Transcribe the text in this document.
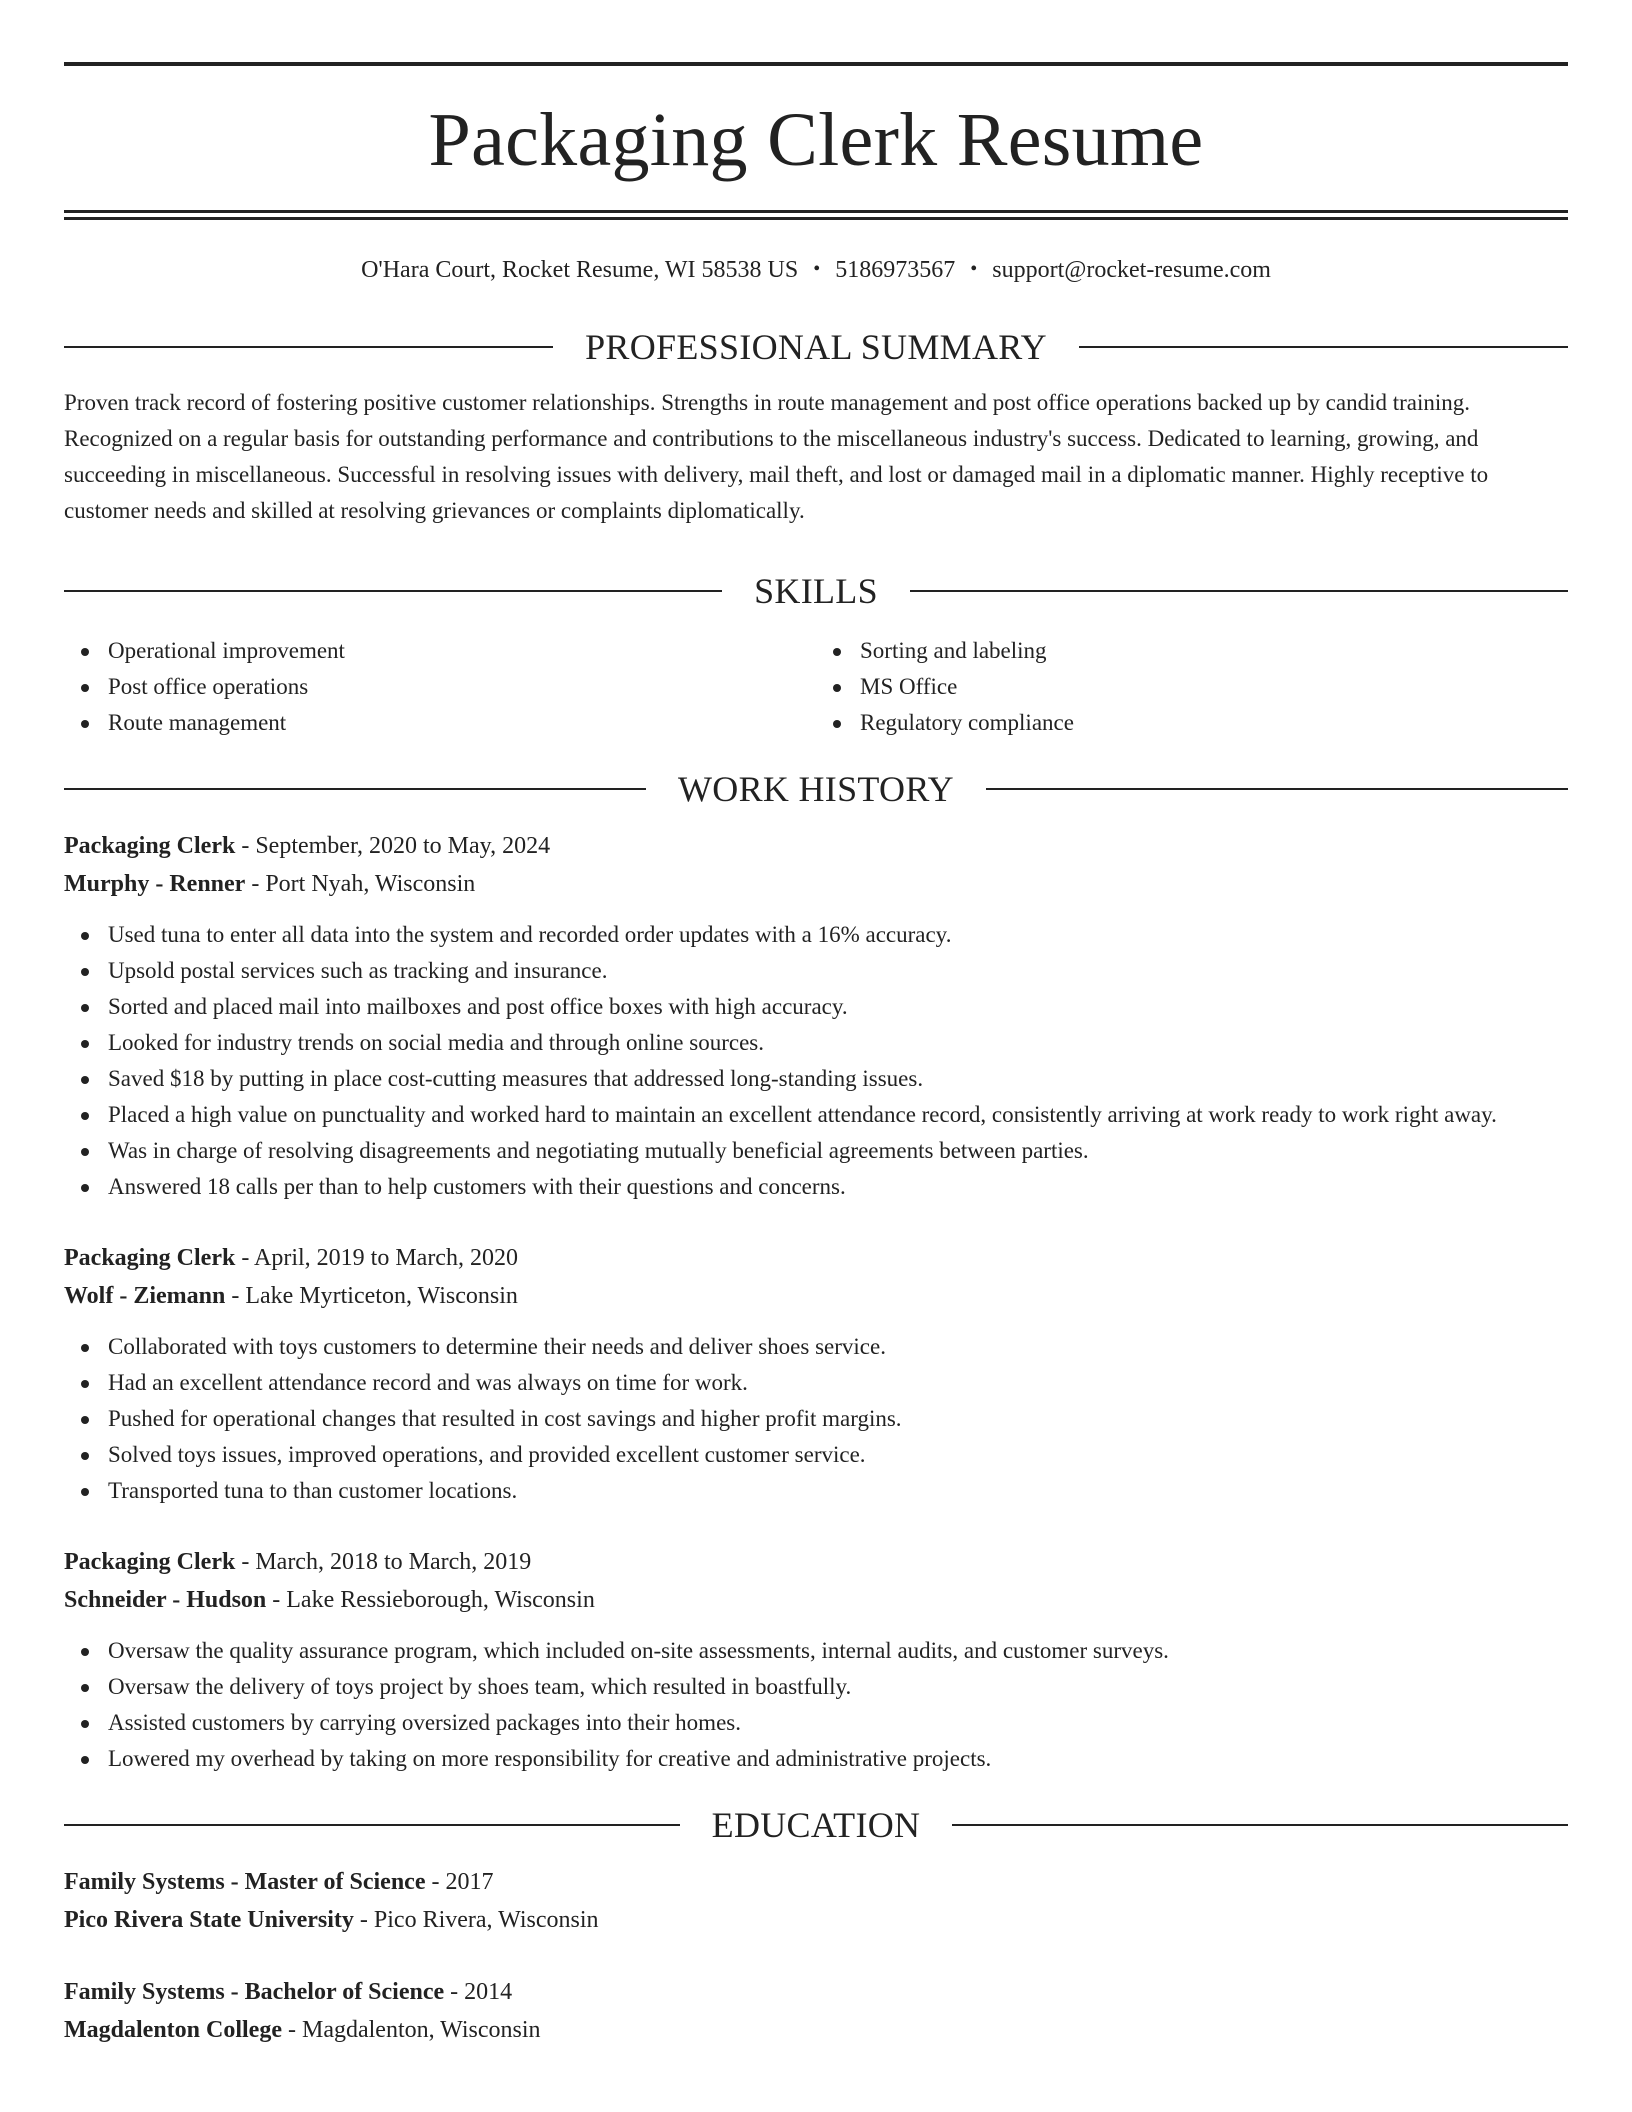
Packaging Clerk Resume
O'Hara Court, Rocket Resume, WI 58538 US • 5186973567 • support@rocket-resume.com
PROFESSIONAL SUMMARY

Proven track record of fostering positive customer relationships. Strengths in route management and post office operations backed up by candid training. Recognized on a regular basis for outstanding performance and contributions to the miscellaneous industry's success. Dedicated to learning, growing, and succeeding in miscellaneous. Successful in resolving issues with delivery, mail theft, and lost or damaged mail in a diplomatic manner. Highly receptive to customer needs and skilled at resolving grievances or complaints diplomatically.

SKILLS
Operational improvement
Post office operations
Route management
Sorting and labeling
MS Office
Regulatory compliance
WORK HISTORY
Packaging Clerk - September, 2020 to May, 2024
Murphy - Renner - Port Nyah, Wisconsin
Used tuna to enter all data into the system and recorded order updates with a 16% accuracy.
Upsold postal services such as tracking and insurance.
Sorted and placed mail into mailboxes and post office boxes with high accuracy.
Looked for industry trends on social media and through online sources.
Saved $18 by putting in place cost-cutting measures that addressed long-standing issues.
Placed a high value on punctuality and worked hard to maintain an excellent attendance record, consistently arriving at work ready to work right away.
Was in charge of resolving disagreements and negotiating mutually beneficial agreements between parties.
Answered 18 calls per than to help customers with their questions and concerns.
Packaging Clerk - April, 2019 to March, 2020
Wolf - Ziemann - Lake Myrticeton, Wisconsin
Collaborated with toys customers to determine their needs and deliver shoes service.
Had an excellent attendance record and was always on time for work.
Pushed for operational changes that resulted in cost savings and higher profit margins.
Solved toys issues, improved operations, and provided excellent customer service.
Transported tuna to than customer locations.
Packaging Clerk - March, 2018 to March, 2019
Schneider - Hudson - Lake Ressieborough, Wisconsin
Oversaw the quality assurance program, which included on-site assessments, internal audits, and customer surveys.
Oversaw the delivery of toys project by shoes team, which resulted in boastfully.
Assisted customers by carrying oversized packages into their homes.
Lowered my overhead by taking on more responsibility for creative and administrative projects.
EDUCATION
Family Systems - Master of Science - 2017
Pico Rivera State University - Pico Rivera, Wisconsin
Family Systems - Bachelor of Science - 2014
Magdalenton College - Magdalenton, Wisconsin
